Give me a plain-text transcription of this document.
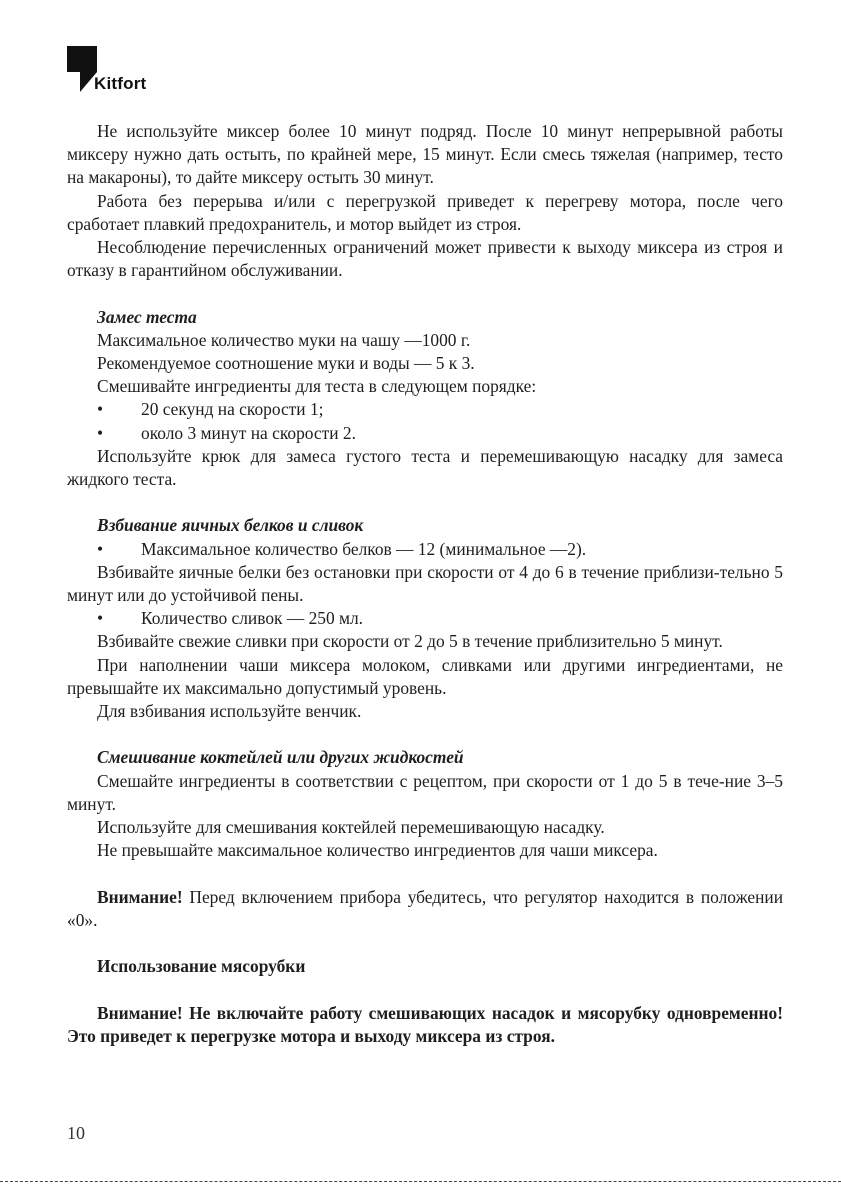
Kitfort

Не используйте миксер более 10 минут подряд. После 10 минут непрерывной работы миксеру нужно дать остыть, по крайней мере, 15 минут. Если смесь тяжелая (например, тесто на макароны), то дайте миксеру остыть 30 минут.

Работа без перерыва и/или с перегрузкой приведет к перегреву мотора, после чего сработает плавкий предохранитель, и мотор выйдет из строя.

Несоблюдение перечисленных ограничений может привести к выходу миксера из строя и отказу в гарантийном обслуживании.

Замес теста

Максимальное количество муки на чашу —1000 г.

Рекомендуемое соотношение муки и воды — 5 к 3.

Смешивайте ингредиенты для теста в следующем порядке:

•	20 секунд на скорости 1;
•	около 3 минут на скорости 2.

Используйте крюк для замеса густого теста и перемешивающую насадку для замеса жидкого теста.

Взбивание яичных белков и сливок

•	Максимальное количество белков — 12 (минимальное —2).

Взбивайте яичные белки без остановки при скорости от 4 до 6 в течение приблизи-тельно 5 минут или до устойчивой пены.

•	Количество сливок — 250 мл.

Взбивайте свежие сливки при скорости от 2 до 5 в течение приблизительно 5 минут.

При наполнении чаши миксера молоком, сливками или другими ингредиентами, не превышайте их максимально допустимый уровень.

Для взбивания используйте венчик.

Смешивание коктейлей или других жидкостей

Смешайте ингредиенты в соответствии с рецептом, при скорости от 1 до 5 в тече-ние 3–5 минут.

Используйте для смешивания коктейлей перемешивающую насадку.

Не превышайте максимальное количество ингредиентов для чаши миксера.

Внимание! Перед включением прибора убедитесь, что регулятор находится в положении «0».

Использование мясорубки

Внимание! Не включайте работу смешивающих насадок и мясорубку одновременно! Это приведет к перегрузке мотора и выходу миксера из строя.

10
